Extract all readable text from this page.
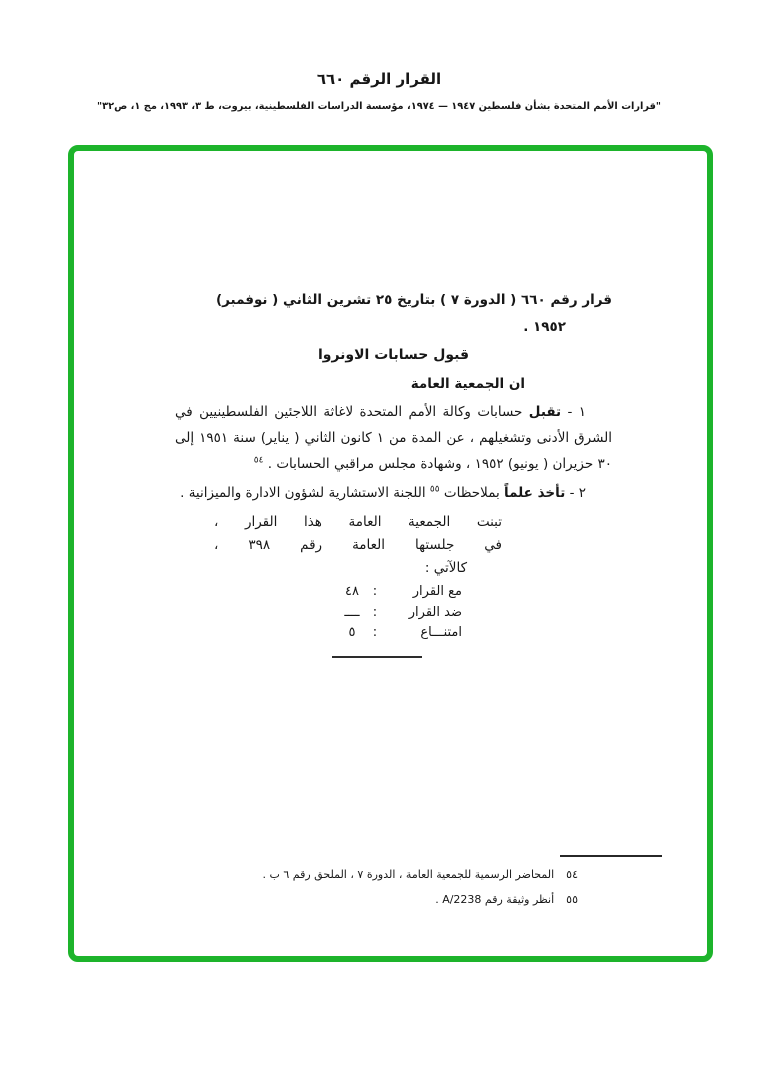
القرار الرقم ٦٦٠
"قرارات الأمم المتحدة بشأن فلسطين ١٩٤٧ — ١٩٧٤، مؤسسة الدراسات الفلسطينية، بيروت، ط ٣، ١٩٩٣، مج ١، ص٣٢"
قرار رقم ٦٦٠ ( الدورة ٧ ) بتاريخ ٢٥ تشرين الثاني ( نوفمبر)
١٩٥٢ .
قبول حسابات الاونروا
ان الجمعية العامة

١ - تقبل حسابات وكالة الأمم المتحدة لاغاثة اللاجئين الفلسطينيين في الشرق الأدنى وتشغيلهم ، عن المدة من ١ كانون الثاني ( يناير) سنة ١٩٥١ إلى ٣٠ حزيران ( يونيو) ١٩٥٢ ، وشهادة مجلس مراقبي الحسابات . $^{٥٤}$

٢ - تأخذ علماً بملاحظات $^{٥٥}$ اللجنة الاستشارية لشؤون الادارة والميزانية .

تبنت الجمعية العامة هذا القرار ،
في جلستها العامة رقم ٣٩٨ ،
كالآتي :
مع القرار
:
٤٨
ضد القرار
:
ــــ
امتنـــاع
:
٥
٥٤
المحاضر الرسمية للجمعية العامة ، الدورة ٧ ، الملحق رقم ٦ ب .
٥٥
أنظر وثيقة رقم A/2238 .
